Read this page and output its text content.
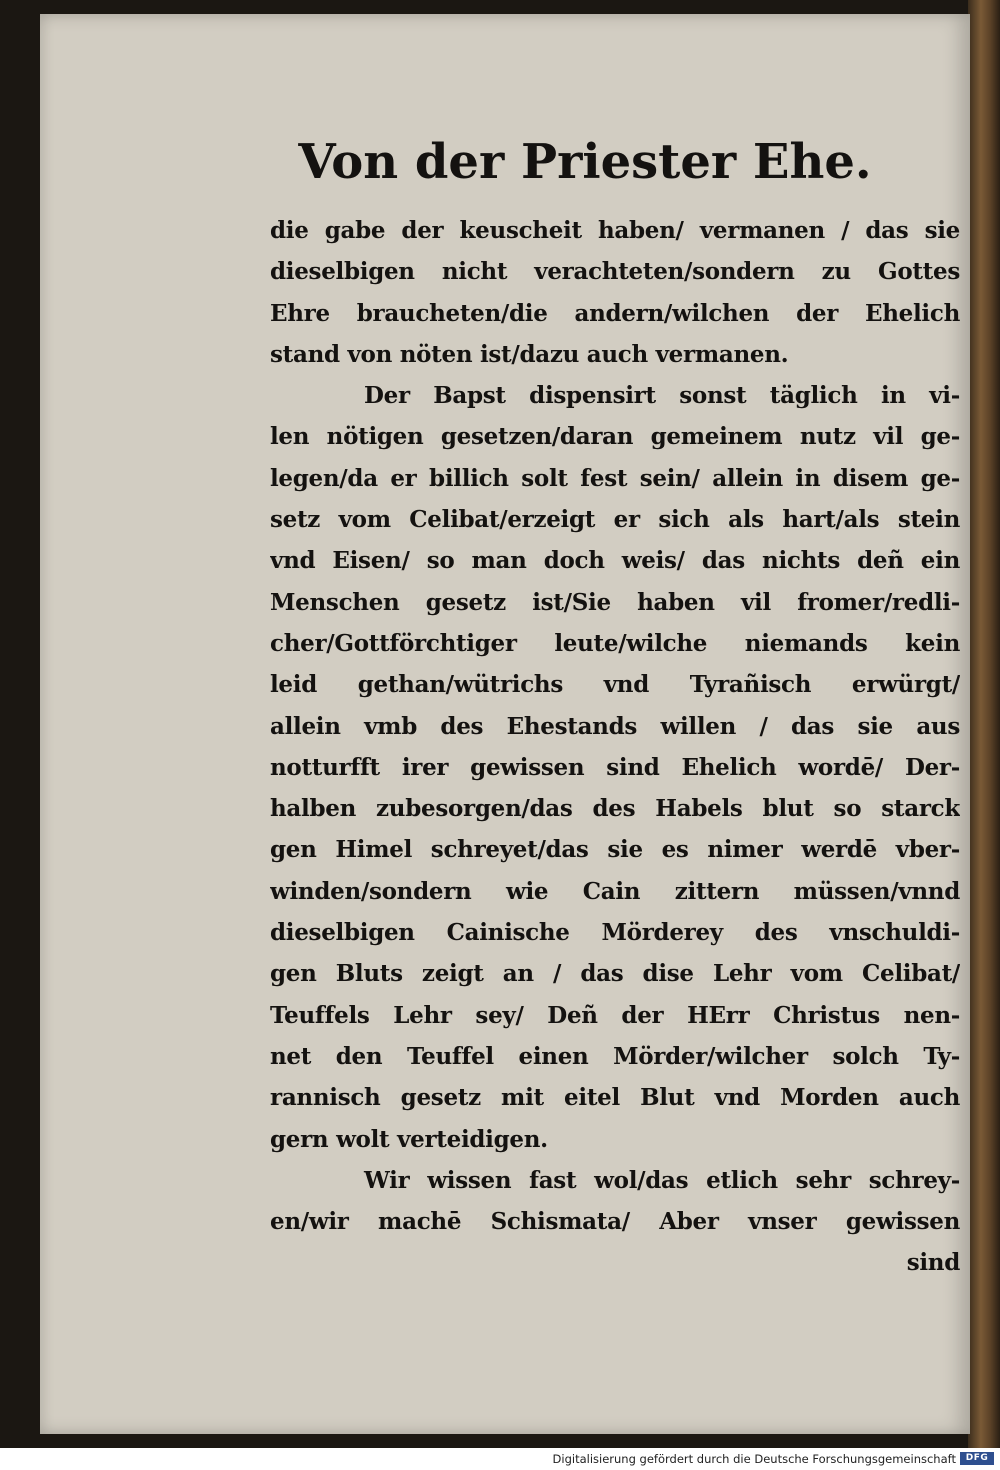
Von der Priester Ehe.
die gabe der keuscheit haben/ vermanen / das sie
dieselbigen nicht verachteten/sondern zu Gottes
Ehre braucheten/die andern/wilchen der Ehelich
stand von nöten ist/dazu auch vermanen.
Der Bapst dispensirt sonst täglich in vi-
len nötigen gesetzen/daran gemeinem nutz vil ge-
legen/da er billich solt fest sein/ allein in disem ge-
setz vom Celibat/erzeigt er sich als hart/als stein
vnd Eisen/ so man doch weis/ das nichts deñ ein
Menschen gesetz ist/Sie haben vil fromer/redli-
cher/Gottförchtiger leute/wilche niemands kein
leid gethan/wütrichs vnd Tyrañisch erwürgt/
allein vmb des Ehestands willen / das sie aus
notturfft irer gewissen sind Ehelich wordē/ Der-
halben zubesorgen/das des Habels blut so starck
gen Himel schreyet/das sie es nimer werdē vber-
winden/sondern wie Cain zittern müssen/vnnd
dieselbigen Cainische Mörderey des vnschuldi-
gen Bluts zeigt an / das dise Lehr vom Celibat/
Teuffels Lehr sey/ Deñ der HErr Christus nen-
net den Teuffel einen Mörder/wilcher solch Ty-
rannisch gesetz mit eitel Blut vnd Morden auch
gern wolt verteidigen.
Wir wissen fast wol/das etlich sehr schrey-
en/wir machē Schismata/ Aber vnser gewissen
sind
Digitalisierung gefördert durch die Deutsche Forschungsgemeinschaft	DFG
